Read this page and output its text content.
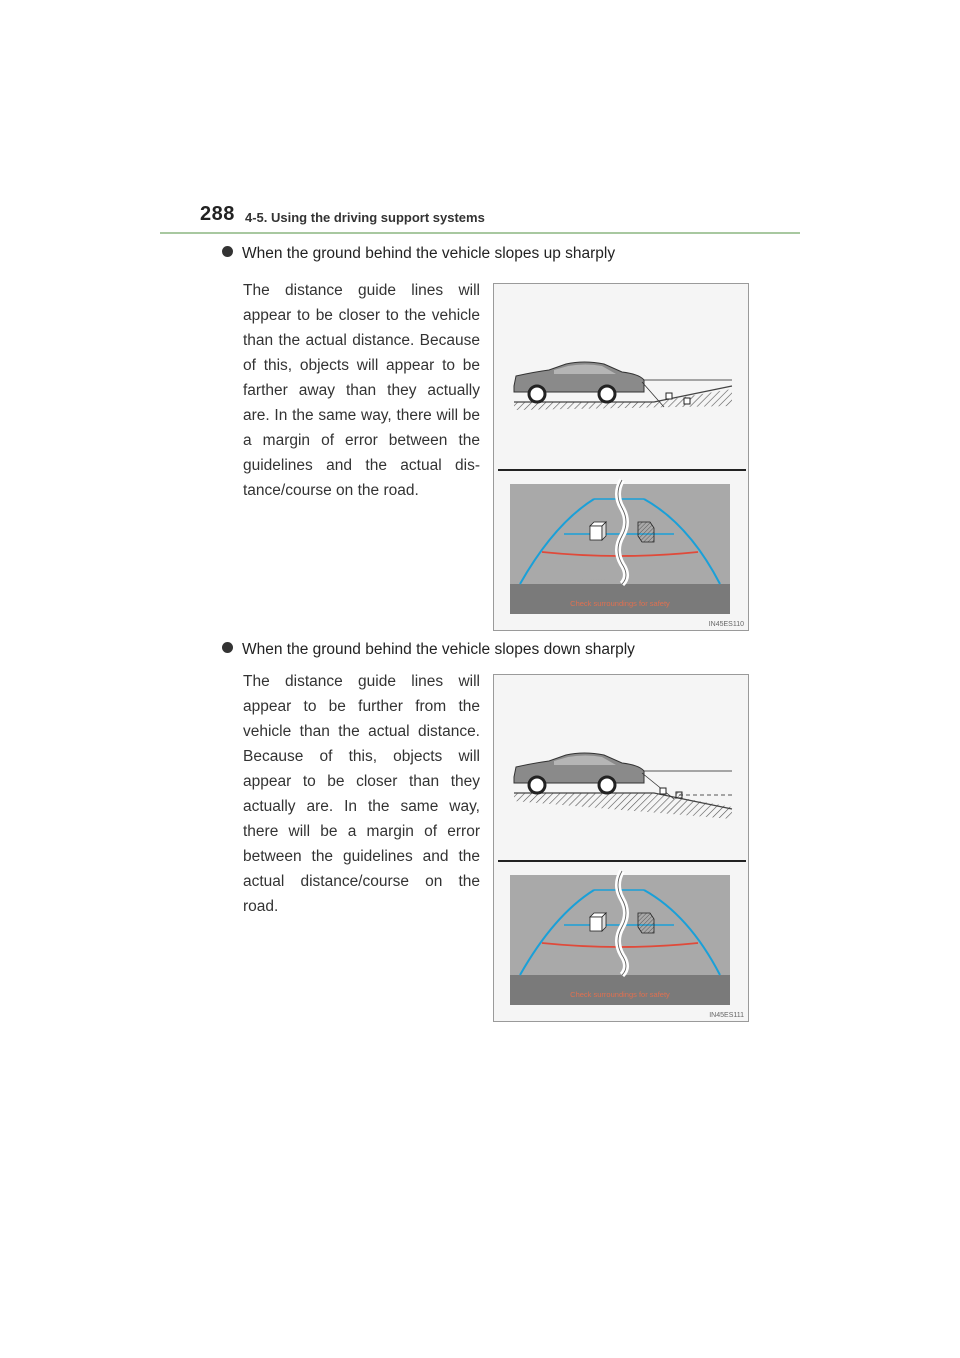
288 4-5. Using the driving support systems
When the ground behind the vehicle slopes up sharply
The distance guide lines will appear to be closer to the vehicle than the actual distance. Because of this, objects will appear to be farther away than they actually are. In the same way, there will be a margin of error between the guidelines and the actual dis-tance/course on the road.
Check surroundings for safety
IN45ES110
When the ground behind the vehicle slopes down sharply
The distance guide lines will appear to be further from the vehicle than the actual distance. Because of this, objects will appear to be closer than they actually are. In the same way, there will be a margin of error between the guidelines and the actual distance/course on the road.
Check surroundings for safety
IN45ES111
